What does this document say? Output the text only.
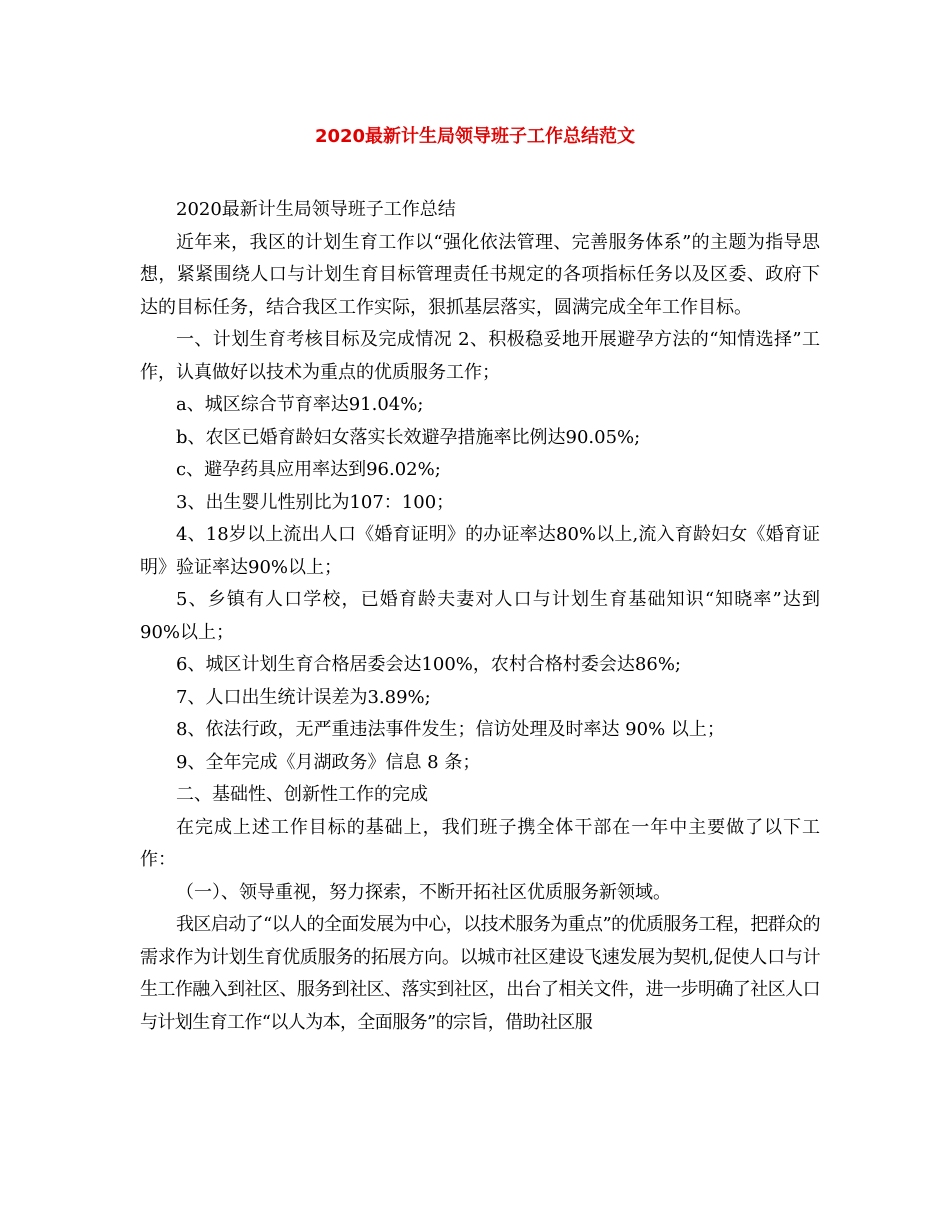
2020最新计生局领导班子工作总结范文

2020最新计生局领导班子工作总结

近年来，我区的计划生育工作以“强化依法管理、完善服务体系”的主题为指导思想，紧紧围绕人口与计划生育目标管理责任书规定的各项指标任务以及区委、政府下达的目标任务，结合我区工作实际，狠抓基层落实，圆满完成全年工作目标。

一、计划生育考核目标及完成情况 2、积极稳妥地开展避孕方法的“知情选择”工作，认真做好以技术为重点的优质服务工作；

a、城区综合节育率达91.04%;

b、农区已婚育龄妇女落实长效避孕措施率比例达90.05%;

c、避孕药具应用率达到96.02%;

3、出生婴儿性别比为107：100；

4、18岁以上流出人口《婚育证明》的办证率达80%以上,流入育龄妇女《婚育证明》验证率达90%以上；

5、乡镇有人口学校，已婚育龄夫妻对人口与计划生育基础知识“知晓率”达到90%以上；

6、城区计划生育合格居委会达100%，农村合格村委会达86%;

7、人口出生统计误差为3.89%;

8、依法行政，无严重违法事件发生；信访处理及时率达 90% 以上；

9、全年完成《月湖政务》信息 8 条；

二、基础性、创新性工作的完成

在完成上述工作目标的基础上，我们班子携全体干部在一年中主要做了以下工作：

（一）、领导重视，努力探索，不断开拓社区优质服务新领域。

我区启动了“以人的全面发展为中心，以技术服务为重点”的优质服务工程，把群众的需求作为计划生育优质服务的拓展方向。以城市社区建设飞速发展为契机,促使人口与计生工作融入到社区、服务到社区、落实到社区，出台了相关文件，进一步明确了社区人口与计划生育工作“以人为本，全面服务”的宗旨，借助社区服
